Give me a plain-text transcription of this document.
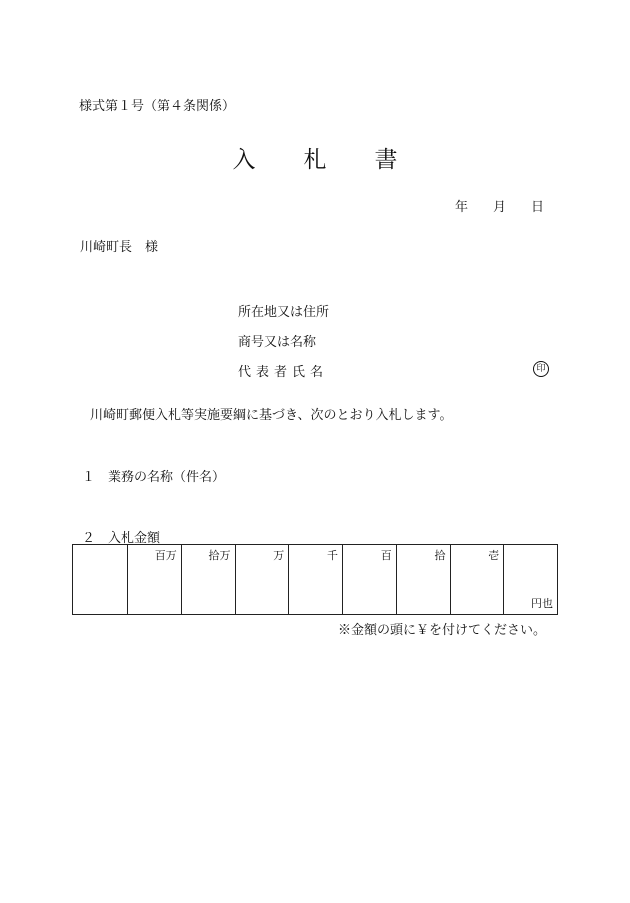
様式第１号（第４条関係）
入 札 書
年 月 日
川崎町長　様
所在地又は住所
商号又は名称
代表者氏名	印
川崎町郵便入札等実施要綱に基づき、次のとおり入札します。
１　業務の名称（件名）
２　入札金額
	百万	拾万	万	千	百	拾	壱	円也
※金額の頭に￥を付けてください。
